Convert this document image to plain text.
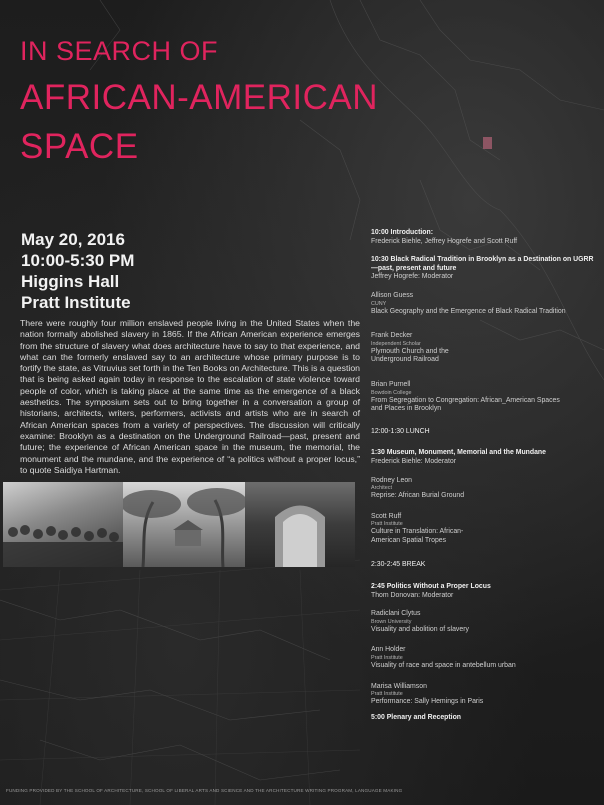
IN SEARCH OF
AFRICAN-AMERICAN
SPACE
May 20, 2016
10:00-5:30 PM
Higgins Hall
Pratt Institute

There were roughly four million enslaved people living in the United States when the nation formally abolished slavery in 1865. If the African American experience emerges from the structure of slavery what does architecture have to say to that experience, and what can the formerly enslaved say to an architecture whose primary purpose is to fortify the state, as Vitruvius set forth in the Ten Books on Architecture. This is a question that is being asked again today in response to the escalation of state violence toward people of color, which is taking place at the same time as the emergence of a black aesthetics. The symposium sets out to bring together in a conversation a group of historians, architects, writers, performers, activists and artists who are in search of African American spaces from a variety of perspectives. The discussion will critically examine: Brooklyn as a destination on the Underground Railroad—past, present and future; the experience of African American space in the museum, the memorial, the monument and the mundane, and the experience of “a politics without a proper locus,” to quote Saidiya Hartman.

10:00 Introduction:
Frederick Biehle, Jeffrey Hogrefe and Scott Ruff
10:30 Black Radical Tradition in Brooklyn as a Destination on UGRR—past, present and future
Jeffrey Hogrefe: Moderator
Allison Guess
CUNY
Black Geography and the Emergence of Black Radical Tradition
Frank Decker
Independent Scholar
Plymouth Church and the Underground Railroad
Brian Purnell
Bowdoin College
From Segregation to Congregation: African_American Spaces and Places in Brooklyn
12:00-1:30 LUNCH
1:30 Museum, Monument, Memorial and the Mundane
Frederick Biehle: Moderator
Rodney Leon
Architect
Reprise: African Burial Ground
Scott Ruff
Pratt Institute
Culture in Translation: African-American Spatial Tropes
2:30-2:45 BREAK
2:45 Politics Without a Proper Locus
Thom Donovan: Moderator
Radiclani Clytus
Brown University
Visuality and abolition of slavery
Ann Holder
Pratt Institute
Visuality of race and space in antebellum urban
Marisa Williamson
Pratt Institute
Performance: Sally Hemings in Paris
5:00 Plenary and Reception
FUNDING PROVIDED BY THE SCHOOL OF ARCHITECTURE, SCHOOL OF LIBERAL ARTS AND SCIENCE AND THE ARCHITECTURE WRITING PROGRAM, LANGUAGE MAKING
